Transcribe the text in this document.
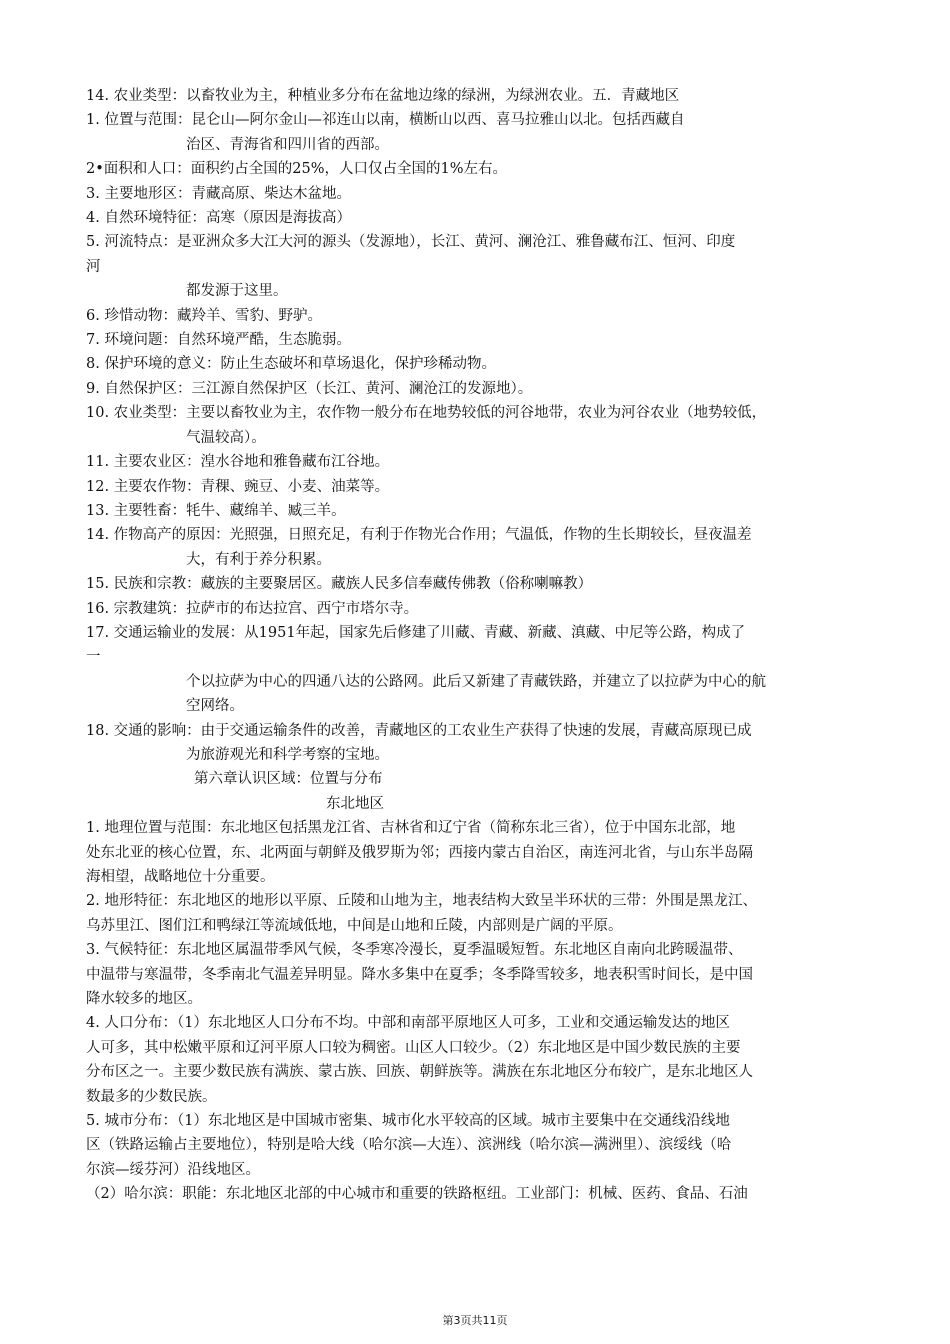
14. 农业类型：以畜牧业为主，种植业多分布在盆地边缘的绿洲，为绿洲农业。五．青藏地区
1. 位置与范围：昆仑山—阿尔金山—祁连山以南，横断山以西、喜马拉雅山以北。包括西藏自
治区、青海省和四川省的西部。
2•面积和人口：面积约占全国的25%，人口仅占全国的1%左右。
3. 主要地形区：青藏高原、柴达木盆地。
4. 自然环境特征：高寒（原因是海拔高）
5. 河流特点：是亚洲众多大江大河的源头（发源地），长江、黄河、澜沧江、雅鲁藏布江、恒河、印度
河
都发源于这里。
6. 珍惜动物：藏羚羊、雪豹、野驴。
7. 环境问题：自然环境严酷，生态脆弱。
8. 保护环境的意义：防止生态破坏和草场退化，保护珍稀动物。
9. 自然保护区：三江源自然保护区（长江、黄河、澜沧江的发源地）。
10. 农业类型：主要以畜牧业为主，农作物一般分布在地势较低的河谷地带，农业为河谷农业（地势较低，
气温较高）。
11. 主要农业区：湟水谷地和雅鲁藏布江谷地。
12. 主要农作物：青稞、豌豆、小麦、油菜等。
13. 主要牲畜：牦牛、藏绵羊、臧三羊。
14. 作物高产的原因：光照强，日照充足，有利于作物光合作用；气温低，作物的生长期较长，昼夜温差
大，有利于养分积累。
15. 民族和宗教：藏族的主要聚居区。藏族人民多信奉藏传佛教（俗称喇嘛教）
16. 宗教建筑：拉萨市的布达拉宫、西宁市塔尔寺。
17. 交通运输业的发展：从1951年起，国家先后修建了川藏、青藏、新藏、滇藏、中尼等公路，构成了
一
个以拉萨为中心的四通八达的公路网。此后又新建了青藏铁路，并建立了以拉萨为中心的航
空网络。
18. 交通的影响：由于交通运输条件的改善，青藏地区的工农业生产获得了快速的发展，青藏高原现已成
为旅游观光和科学考察的宝地。
第六章认识区域：位置与分布
东北地区
1. 地理位置与范围：东北地区包括黑龙江省、吉林省和辽宁省（简称东北三省），位于中国东北部，地
处东北亚的核心位置，东、北两面与朝鲜及俄罗斯为邻；西接内蒙古自治区，南连河北省，与山东半岛隔
海相望，战略地位十分重要。
2. 地形特征：东北地区的地形以平原、丘陵和山地为主，地表结构大致呈半环状的三带：外围是黑龙江、
乌苏里江、图们江和鸭绿江等流域低地，中间是山地和丘陵，内部则是广阔的平原。
3. 气候特征：东北地区属温带季风气候，冬季寒冷漫长，夏季温暖短暂。东北地区自南向北跨暖温带、
中温带与寒温带，冬季南北气温差异明显。降水多集中在夏季；冬季降雪较多，地表积雪时间长，是中国
降水较多的地区。
4. 人口分布：（1）东北地区人口分布不均。中部和南部平原地区人可多，工业和交通运输发达的地区
人可多，其中松嫩平原和辽河平原人口较为稠密。山区人口较少。（2）东北地区是中国少数民族的主要
分布区之一。主要少数民族有满族、蒙古族、回族、朝鲜族等。满族在东北地区分布较广，是东北地区人
数最多的少数民族。
5. 城市分布：（1）东北地区是中国城市密集、城市化水平较高的区域。城市主要集中在交通线沿线地
区（铁路运输占主要地位），特别是哈大线（哈尔滨—大连）、滨洲线（哈尔滨—满洲里）、滨绥线（哈
尔滨—绥芬河）沿线地区。
（2）哈尔滨：职能：东北地区北部的中心城市和重要的铁路枢纽。工业部门：机械、医药、食品、石油
第3页共11页
